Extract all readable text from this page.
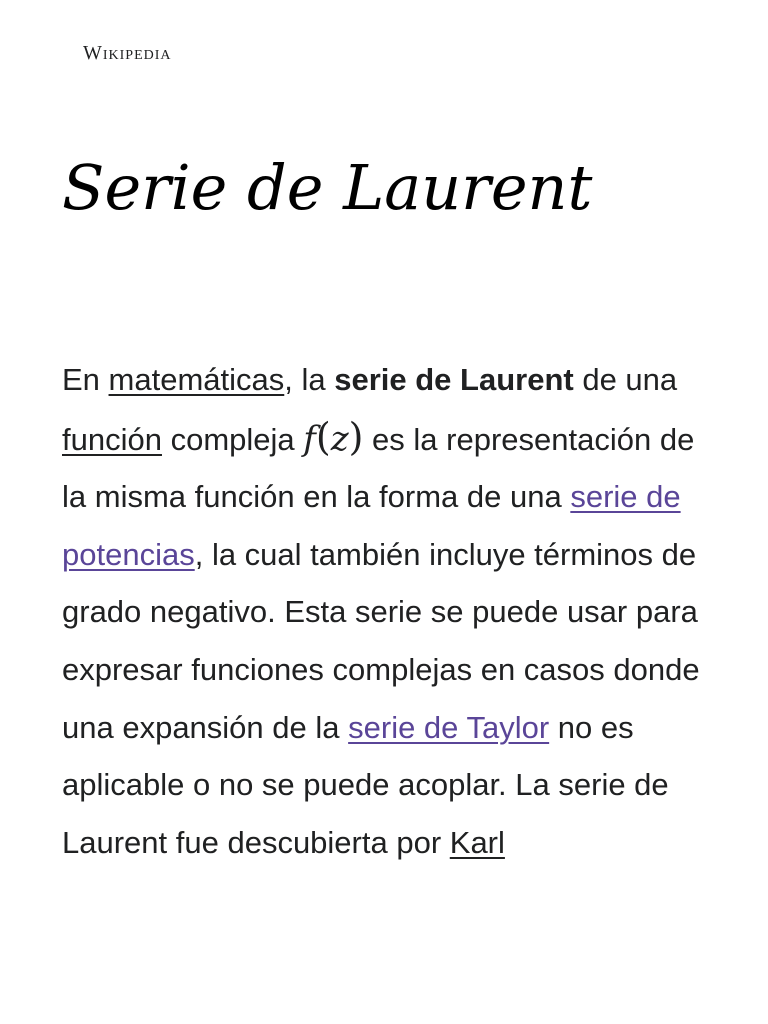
Wikipedia
Serie de Laurent

En matemáticas, la serie de Laurent de una función compleja f(z) es la representación de la misma función en la forma de una serie de potencias, la cual también incluye términos de grado negativo. Esta serie se puede usar para expresar funciones complejas en casos donde una expansión de la serie de Taylor no es aplicable o no se puede acoplar. La serie de Laurent fue descubierta por Karl
